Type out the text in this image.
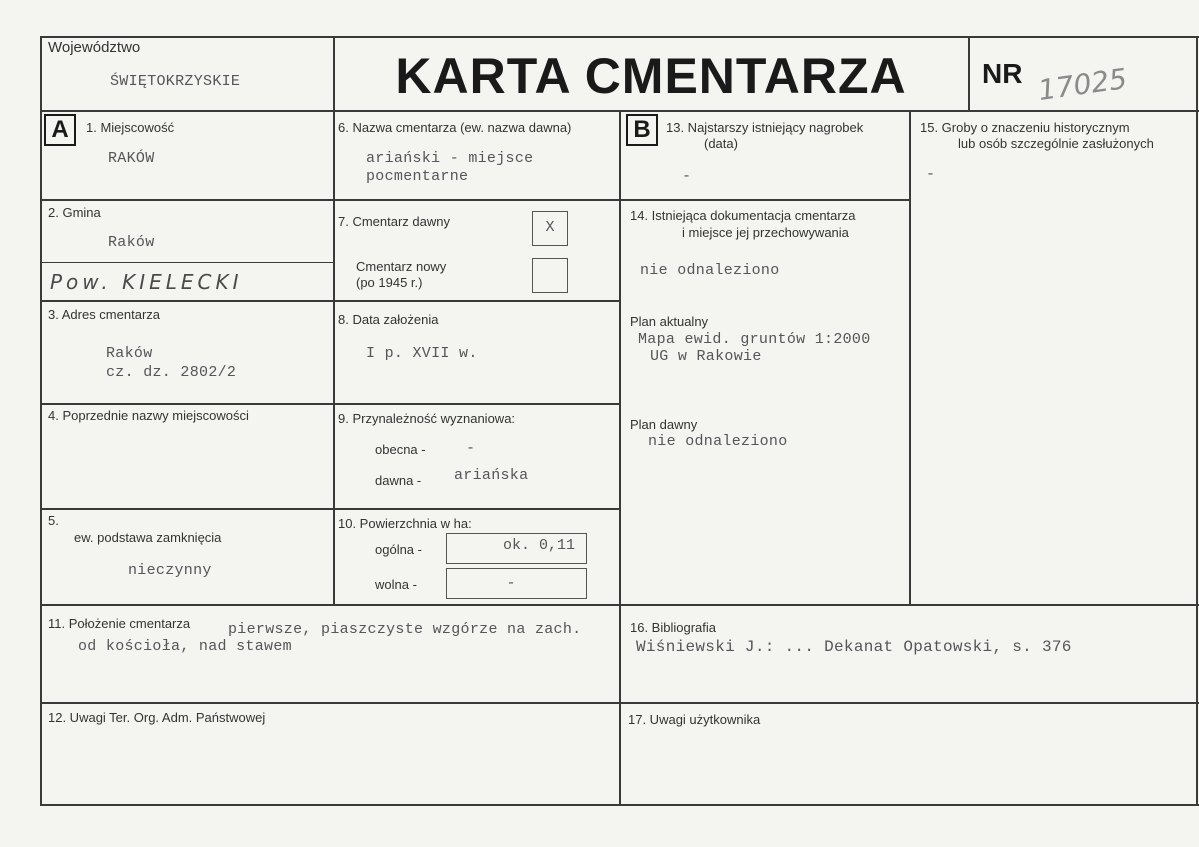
Województwo
ŚWIĘTOKRZYSKIE	KARTA CMENTARZA	NR 17025
A	1. Miejscowość
RAKÓW
2. Gmina
Raków
Pow. KIELECKI
3. Adres cmentarza
Raków
cz. dz. 2802/2
4. Poprzednie nazwy miejscowości
5.
ew. podstawa zamknięcia
nieczynny
6. Nazwa cmentarza (ew. nazwa dawna)
ariański - miejsce
pocmentarne
7. Cmentarz dawny	X
Cmentarz nowy
(po 1945 r.)
8. Data założenia
I p. XVII w.
9. Przynależność wyznaniowa:
obecna -	-
dawna - ariańska
10. Powierzchnia w ha:
ogólna -	ok. 0,11
wolna -	-
B	13. Najstarszy istniejący nagrobek
(data)
-
14. Istniejąca dokumentacja cmentarza
i miejsce jej przechowywania
nie odnaleziono
Plan aktualny
Mapa ewid. gruntów 1:2000
UG w Rakowie
Plan dawny
nie odnaleziono
15. Groby o znaczeniu historycznym
lub osób szczególnie zasłużonych
-
11. Położenie cmentarza	pierwsze, piaszczyste wzgórze na zach.
od kościoła, nad stawem
16. Bibliografia
Wiśniewski J.: ... Dekanat Opatowski, s. 376
12. Uwagi Ter. Org. Adm. Państwowej	17. Uwagi użytkownika
